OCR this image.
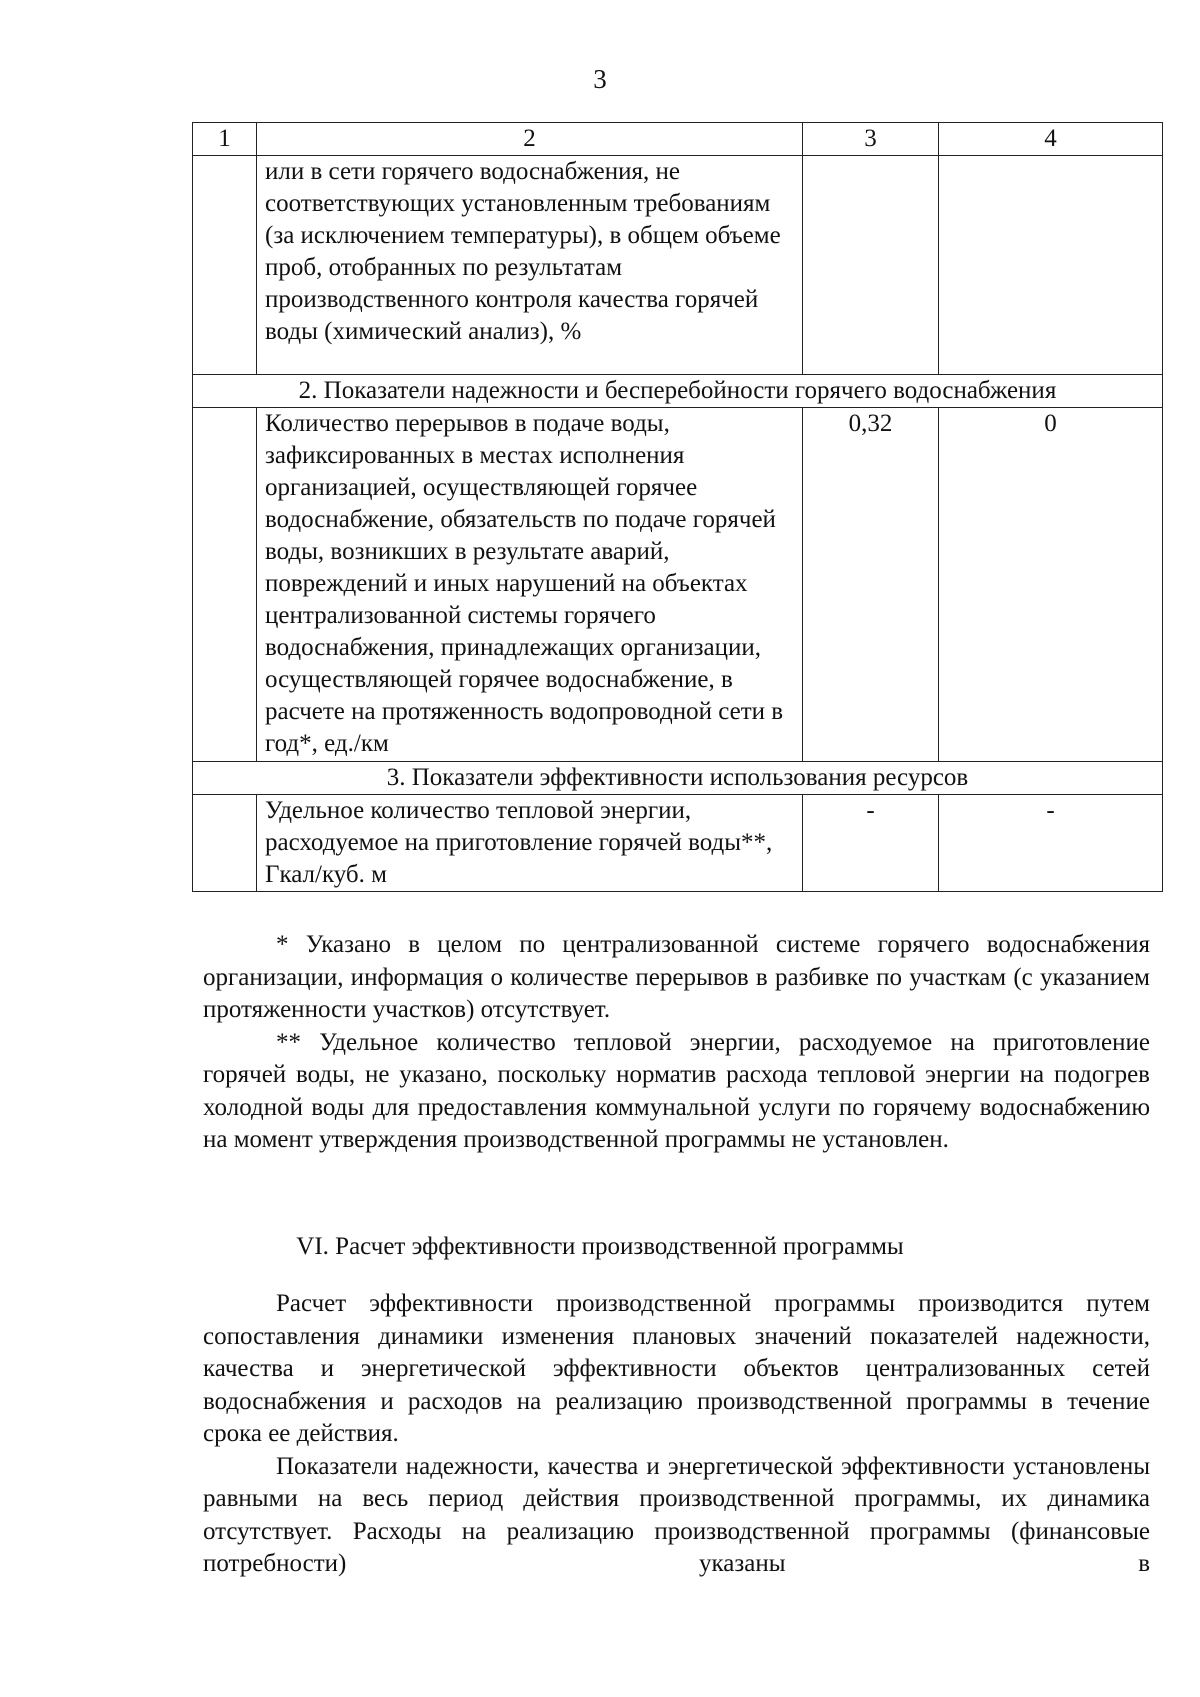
3
1	2	3	4
	или в сети горячего водоснабжения, не соответствующих установленным требованиям (за исключением температуры), в общем объеме проб, отобранных по результатам производственного контроля качества горячей воды (химический анализ), %		
2. Показатели надежности и бесперебойности горячего водоснабжения			
	Количество перерывов в подаче воды, зафиксированных в местах исполнения организацией, осуществляющей горячее водоснабжение, обязательств по подаче горячей воды, возникших в результате аварий, повреждений и иных нарушений на объектах централизованной системы горячего водоснабжения, принадлежащих организации, осуществляющей горячее водоснабжение, в расчете на протяженность водопроводной сети в год*, ед./км	0,32	0
3. Показатели эффективности использования ресурсов			
	Удельное количество тепловой энергии, расходуемое на приготовление горячей воды**, Гкал/куб. м	-	-

* Указано в целом по централизованной системе горячего водоснабжения организации, информация о количестве перерывов в разбивке по участкам (с указанием протяженности участков) отсутствует.

** Удельное количество тепловой энергии, расходуемое на приготовление горячей воды, не указано, поскольку норматив расхода тепловой энергии на подогрев холодной воды для предоставления коммунальной услуги по горячему водоснабжению на момент утверждения производственной программы не установлен.

VI. Расчет эффективности производственной программы

Расчет эффективности производственной программы производится путем сопоставления динамики изменения плановых значений показателей надежности, качества и энергетической эффективности объектов централизованных сетей водоснабжения и расходов на реализацию производственной программы в течение срока ее действия.

Показатели надежности, качества и энергетической эффективности установлены равными на весь период действия производственной программы, их динамика отсутствует. Расходы на реализацию производственной программы (финансовые потребности) указаны в
